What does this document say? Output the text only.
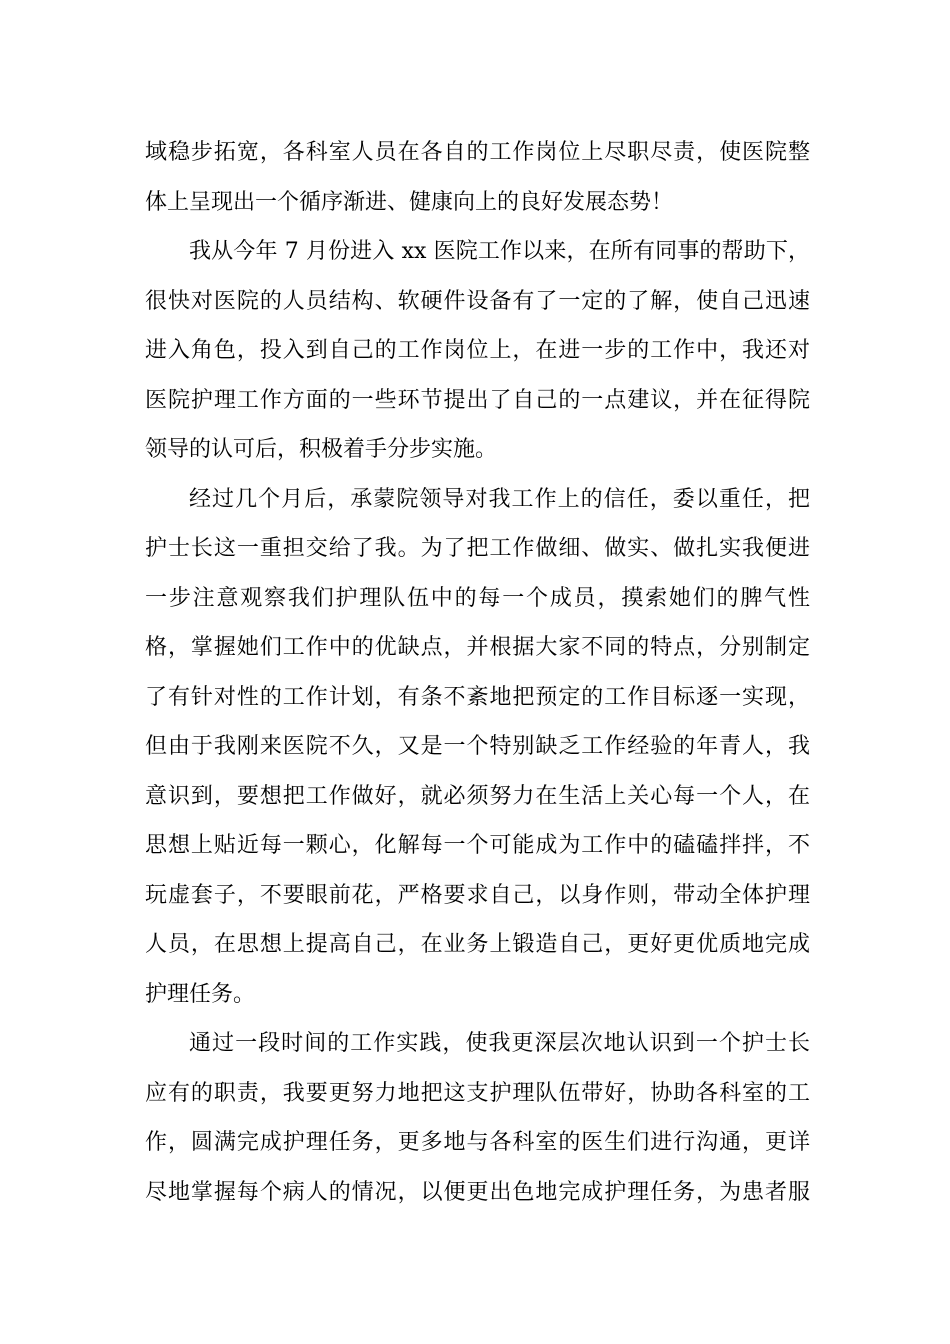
域稳步拓宽，各科室人员在各自的工作岗位上尽职尽责，使医院整
体上呈现出一个循序渐进、健康向上的良好发展态势！
我从今年 7 月份进入 xx 医院工作以来，在所有同事的帮助下，
很快对医院的人员结构、软硬件设备有了一定的了解，使自己迅速
进入角色，投入到自己的工作岗位上，在进一步的工作中，我还对
医院护理工作方面的一些环节提出了自己的一点建议，并在征得院
领导的认可后，积极着手分步实施。
经过几个月后，承蒙院领导对我工作上的信任，委以重任，把
护士长这一重担交给了我。为了把工作做细、做实、做扎实我便进
一步注意观察我们护理队伍中的每一个成员，摸索她们的脾气性
格，掌握她们工作中的优缺点，并根据大家不同的特点，分别制定
了有针对性的工作计划，有条不紊地把预定的工作目标逐一实现，
但由于我刚来医院不久，又是一个特别缺乏工作经验的年青人，我
意识到，要想把工作做好，就必须努力在生活上关心每一个人，在
思想上贴近每一颗心，化解每一个可能成为工作中的磕磕拌拌，不
玩虚套子，不要眼前花，严格要求自己，以身作则，带动全体护理
人员，在思想上提高自己，在业务上锻造自己，更好更优质地完成
护理任务。
通过一段时间的工作实践，使我更深层次地认识到一个护士长
应有的职责，我要更努力地把这支护理队伍带好，协助各科室的工
作，圆满完成护理任务，更多地与各科室的医生们进行沟通，更详
尽地掌握每个病人的情况，以便更出色地完成护理任务，为患者服
